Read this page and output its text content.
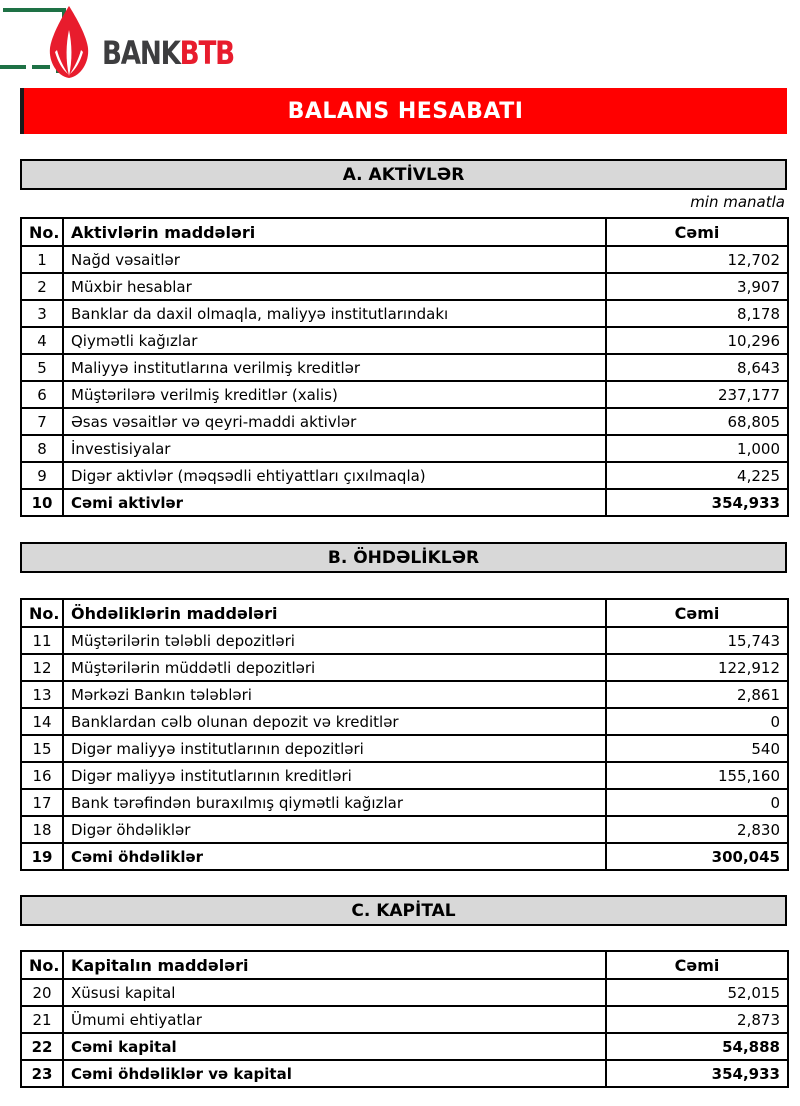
BANKBTB
BALANS HESABATI
A. AKTİVLƏR
min manatla
No.	Aktivlərin maddələri	Cəmi
1	Nağd vəsaitlər	12,702
2	Müxbir hesablar	3,907
3	Banklar da daxil olmaqla, maliyyə institutlarındakı	8,178
4	Qiymətli kağızlar	10,296
5	Maliyyə institutlarına verilmiş kreditlər	8,643
6	Müştərilərə verilmiş kreditlər (xalis)	237,177
7	Əsas vəsaitlər və qeyri-maddi aktivlər	68,805
8	İnvestisiyalar	1,000
9	Digər aktivlər (məqsədli ehtiyattları çıxılmaqla)	4,225
10	Cəmi aktivlər	354,933
B. ÖHDƏLİKLƏR
No.	Öhdəliklərin maddələri	Cəmi
11	Müştərilərin tələbli depozitləri	15,743
12	Müştərilərin müddətli depozitləri	122,912
13	Mərkəzi Bankın tələbləri	2,861
14	Banklardan cəlb olunan depozit və kreditlər	0
15	Digər maliyyə institutlarının depozitləri	540
16	Digər maliyyə institutlarının kreditləri	155,160
17	Bank tərəfindən buraxılmış qiymətli kağızlar	0
18	Digər öhdəliklər	2,830
19	Cəmi öhdəliklər	300,045
C. KAPİTAL
No.	Kapitalın maddələri	Cəmi
20	Xüsusi kapital	52,015
21	Ümumi ehtiyatlar	2,873
22	Cəmi kapital	54,888
23	Cəmi öhdəliklər və kapital	354,933
